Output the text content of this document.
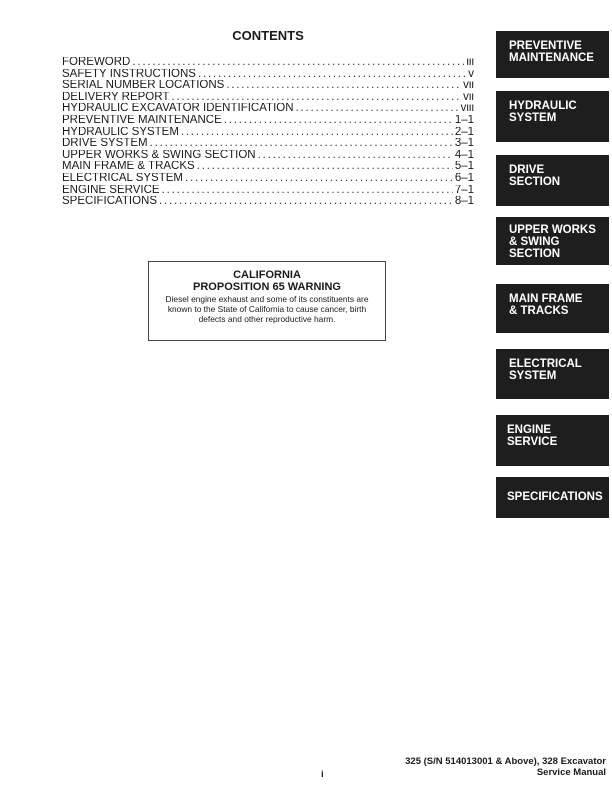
CONTENTS
FOREWORD .....	iii
SAFETY INSTRUCTIONS .....	v
SERIAL NUMBER LOCATIONS .....	vii
DELIVERY REPORT .....	vii
HYDRAULIC EXCAVATOR IDENTIFICATION .....	viii
PREVENTIVE MAINTENANCE .....	1–1
HYDRAULIC SYSTEM .....	2–1
DRIVE SYSTEM .....	3–1
UPPER WORKS & SWING SECTION .....	4–1
MAIN FRAME & TRACKS .....	5–1
ELECTRICAL SYSTEM .....	6–1
ENGINE SERVICE .....	7–1
SPECIFICATIONS .....	8–1

CALIFORNIA

PROPOSITION 65 WARNING

Diesel engine exhaust and some of its constituents are known to the State of California to cause cancer, birth defects and other reproductive harm.

PREVENTIVE
MAINTENANCE
HYDRAULIC
SYSTEM
DRIVE
SECTION
UPPER WORKS
& SWING
SECTION
MAIN FRAME
& TRACKS
ELECTRICAL
SYSTEM
ENGINE
SERVICE
SPECIFICATIONS
i
325 (S/N 514013001 & Above), 328 Excavator
Service Manual
